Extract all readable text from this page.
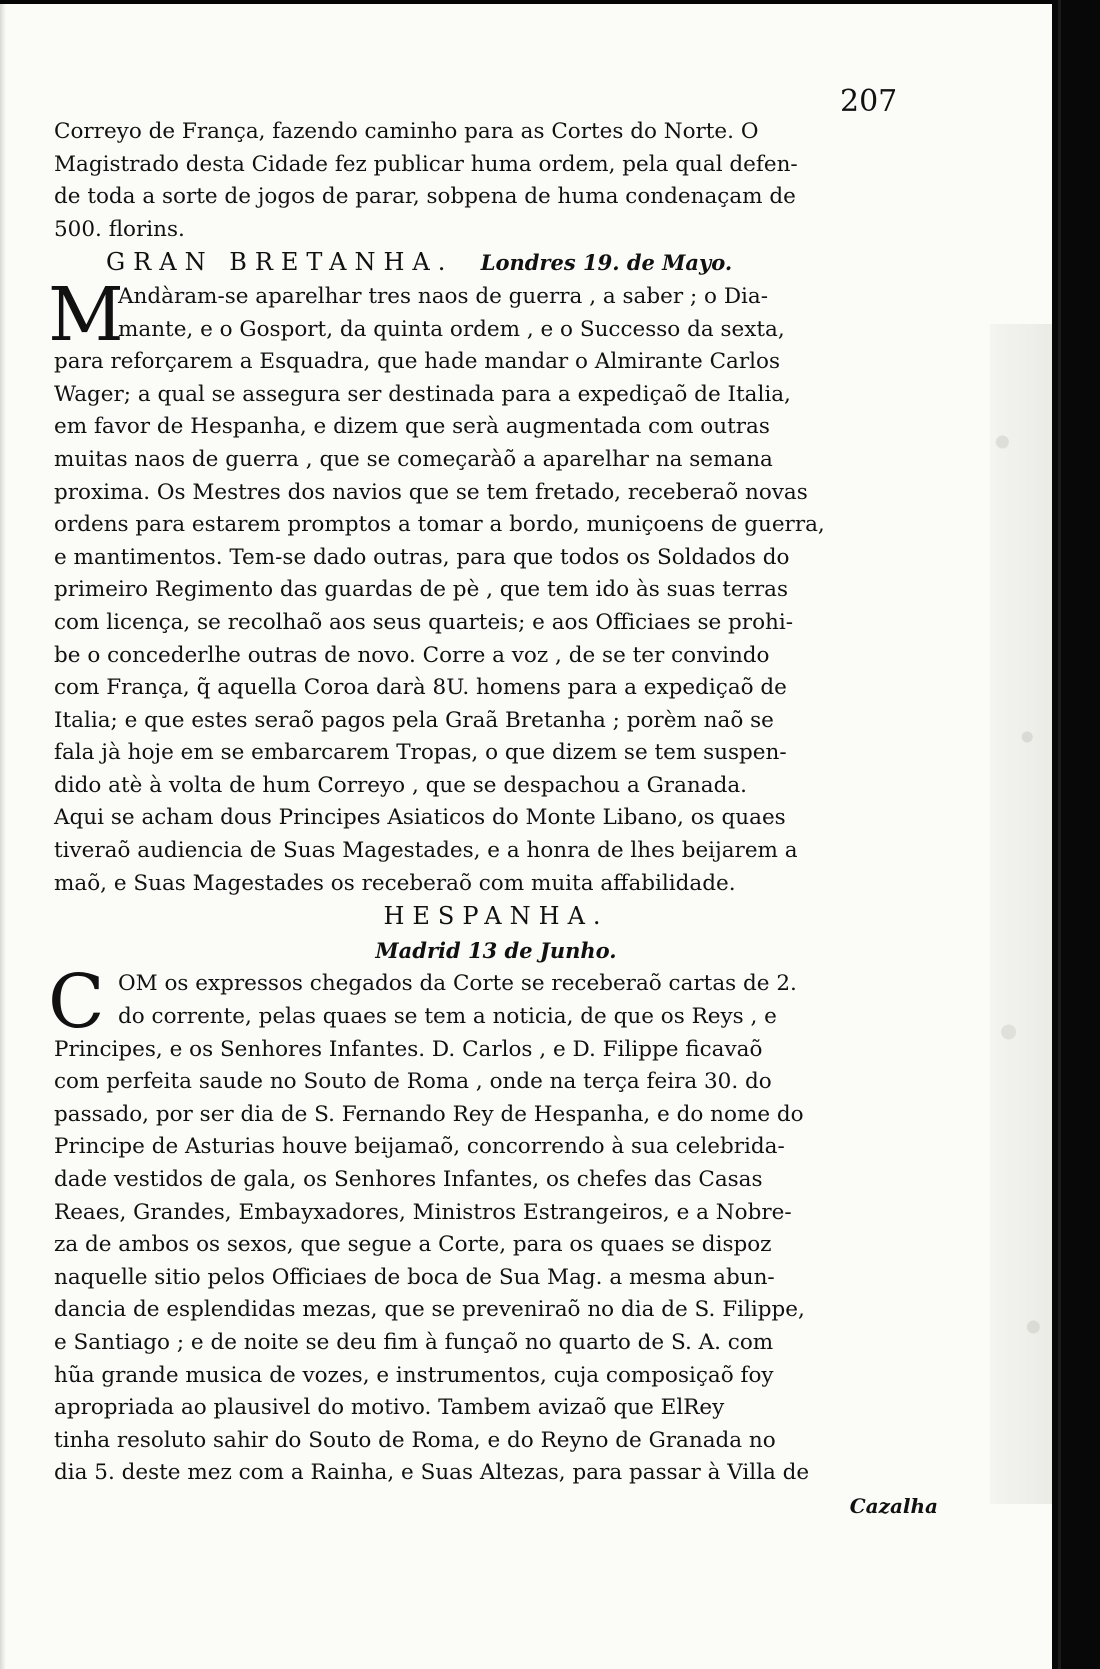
207

Correyo de França, fazendo caminho para as Cortes do Norte. O
Magistrado desta Cidade fez publicar huma ordem, pela qual defen-
de toda a sorte de jogos de parar, sobpena de huma condenaçam de
500. florins.

GRAN BRETANHA. Londres 19. de Mayo.

M
Andàram-se aparelhar tres naos de guerra , a saber ; o Dia-
mante, e o Gosport, da quinta ordem , e o Successo da sexta,
para reforçarem a Esquadra, que hade mandar o Almirante Carlos
Wager; a qual se assegura ser destinada para a expediçaõ de Italia,
em favor de Hespanha, e dizem que serà augmentada com outras
muitas naos de guerra , que se começaràõ a aparelhar na semana
proxima. Os Mestres dos navios que se tem fretado, receberaõ novas
ordens para estarem promptos a tomar a bordo, muniçoens de guerra,
e mantimentos. Tem-se dado outras, para que todos os Soldados do
primeiro Regimento das guardas de pè , que tem ido às suas terras
com licença, se recolhaõ aos seus quarteis; e aos Officiaes se prohi-
be o concederlhe outras de novo. Corre a voz , de se ter convindo
com França, q̃ aquella Coroa darà 8U. homens para a expediçaõ de
Italia; e que estes seraõ pagos pela Graã Bretanha ; porèm naõ se
fala jà hoje em se embarcarem Tropas, o que dizem se tem suspen-
dido atè à volta de hum Correyo , que se despachou a Granada.
Aqui se acham dous Principes Asiaticos do Monte Libano, os quaes
tiveraõ audiencia de Suas Magestades, e a honra de lhes beijarem a
maõ, e Suas Magestades os receberaõ com muita affabilidade.

HESPANHA.

Madrid 13 de Junho.

C OM os expressos chegados da Corte se receberaõ cartas de 2.
do corrente, pelas quaes se tem a noticia, de que os Reys , e
Principes, e os Senhores Infantes. D. Carlos , e D. Filippe ficavaõ
com perfeita saude no Souto de Roma , onde na terça feira 30. do
passado, por ser dia de S. Fernando Rey de Hespanha, e do nome do
Principe de Asturias houve beijamaõ, concorrendo à sua celebrida-
dade vestidos de gala, os Senhores Infantes, os chefes das Casas
Reaes, Grandes, Embayxadores, Ministros Estrangeiros, e a Nobre-
za de ambos os sexos, que segue a Corte, para os quaes se dispoz
naquelle sitio pelos Officiaes de boca de Sua Mag. a mesma abun-
dancia de esplendidas mezas, que se preveniraõ no dia de S. Filippe,
e Santiago ; e de noite se deu fim à funçaõ no quarto de S. A. com
hũa grande musica de vozes, e instrumentos, cuja composiçaõ foy
apropriada ao plausivel do motivo. Tambem avizaõ que ElRey
tinha resoluto sahir do Souto de Roma, e do Reyno de Granada no
dia 5. deste mez com a Rainha, e Suas Altezas, para passar à Villa de
Cazalha
